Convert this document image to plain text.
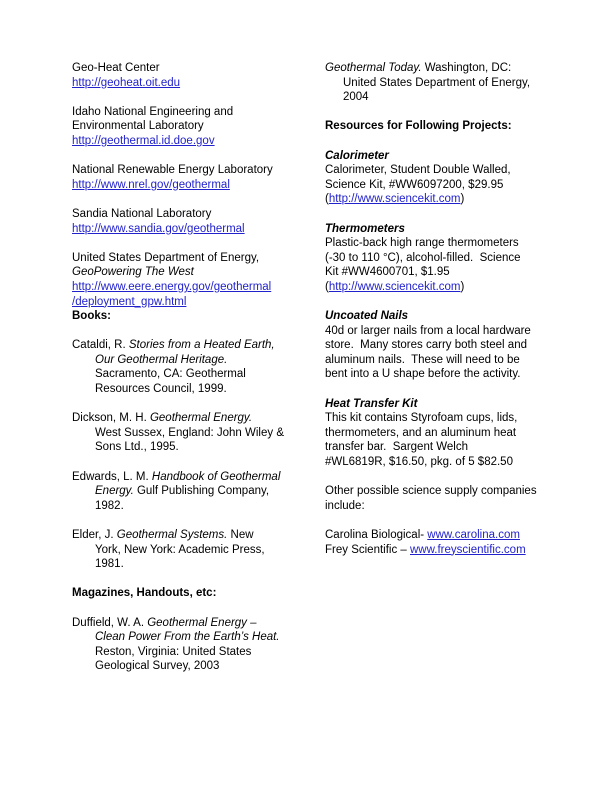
Geo-Heat Center
http://geoheat.oit.edu

Idaho National Engineering and
Environmental Laboratory
http://geothermal.id.doe.gov

National Renewable Energy Laboratory
http://www.nrel.gov/geothermal

Sandia National Laboratory
http://www.sandia.gov/geothermal

United States Department of Energy,
GeoPowering The West
http://www.eere.energy.gov/geothermal
/deployment_gpw.html
Books:

Cataldi, R. Stories from a Heated Earth,
Our Geothermal Heritage.
Sacramento, CA: Geothermal
Resources Council, 1999.

Dickson, M. H. Geothermal Energy.
West Sussex, England: John Wiley &
Sons Ltd., 1995.

Edwards, L. M. Handbook of Geothermal
Energy. Gulf Publishing Company,
1982.

Elder, J. Geothermal Systems. New
York, New York: Academic Press,
1981.

Magazines, Handouts, etc:

Duffield, W. A. Geothermal Energy –
Clean Power From the Earth’s Heat.
Reston, Virginia: United States
Geological Survey, 2003
Geothermal Today. Washington, DC:
United States Department of Energy,
2004

Resources for Following Projects:

Calorimeter
Calorimeter, Student Double Walled,
Science Kit, #WW6097200, $29.95
(http://www.sciencekit.com)

Thermometers
Plastic-back high range thermometers
(-30 to 110 °C), alcohol-filled.  Science
Kit #WW4600701, $1.95
(http://www.sciencekit.com)

Uncoated Nails
40d or larger nails from a local hardware
store.  Many stores carry both steel and
aluminum nails.  These will need to be
bent into a U shape before the activity.

Heat Transfer Kit
This kit contains Styrofoam cups, lids,
thermometers, and an aluminum heat
transfer bar.  Sargent Welch
#WL6819R, $16.50, pkg. of 5 $82.50

Other possible science supply companies
include:

Carolina Biological- www.carolina.com
Frey Scientific – www.freyscientific.com
